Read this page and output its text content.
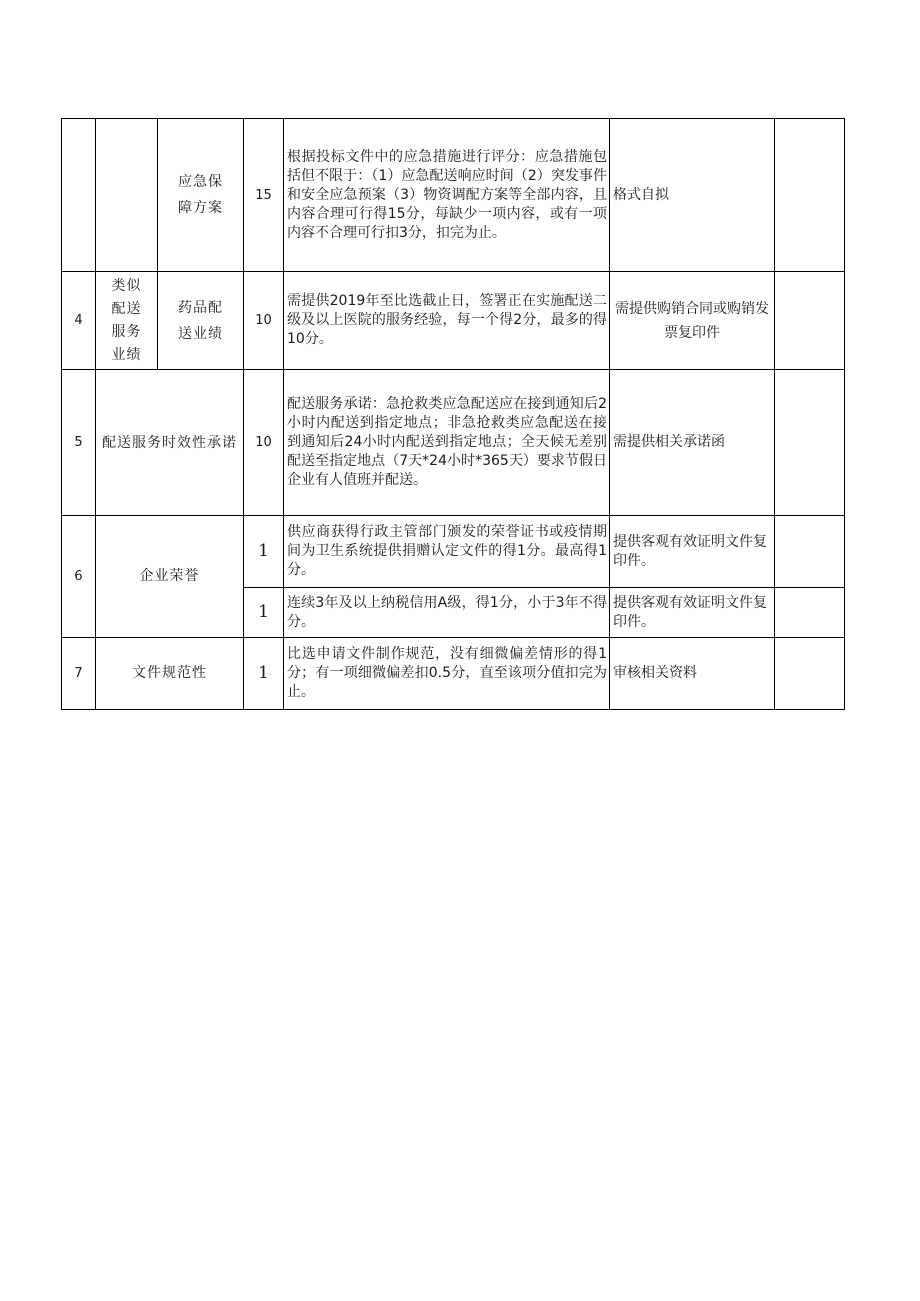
		应急保障方案	15	根据投标文件中的应急措施进行评分：应急措施包括但不限于：（1）应急配送响应时间（2）突发事件和安全应急预案（3）物资调配方案等全部内容，且内容合理可行得15分，每缺少一项内容，或有一项内容不合理可行扣3分，扣完为止。	格式自拟	
4	类似配送服务业绩	药品配送业绩	10	需提供2019年至比选截止日，签署正在实施配送二级及以上医院的服务经验，每一个得2分，最多的得10分。	需提供购销合同或购销发票复印件	

5	配送服务时效性承诺		10	配送服务承诺：急抢救类应急配送应在接到通知后2小时内配送到指定地点；非急抢救类应急配送在接到通知后24小时内配送到指定地点；全天候无差别配送至指定地点（7天*24小时*365天）要求节假日企业有人值班并配送。	需提供相关承诺函	
6	企业荣誉		1	供应商获得行政主管部门颁发的荣誉证书或疫情期间为卫生系统提供捐赠认定文件的得1分。最高得1分。	提供客观有效证明文件复印件。	
			1	连续3年及以上纳税信用A级，得1分，小于3年不得分。	提供客观有效证明文件复印件。	
7	文件规范性		1	比选申请文件制作规范，没有细微偏差情形的得1分；有一项细微偏差扣0.5分，直至该项分值扣完为止。	审核相关资料	
